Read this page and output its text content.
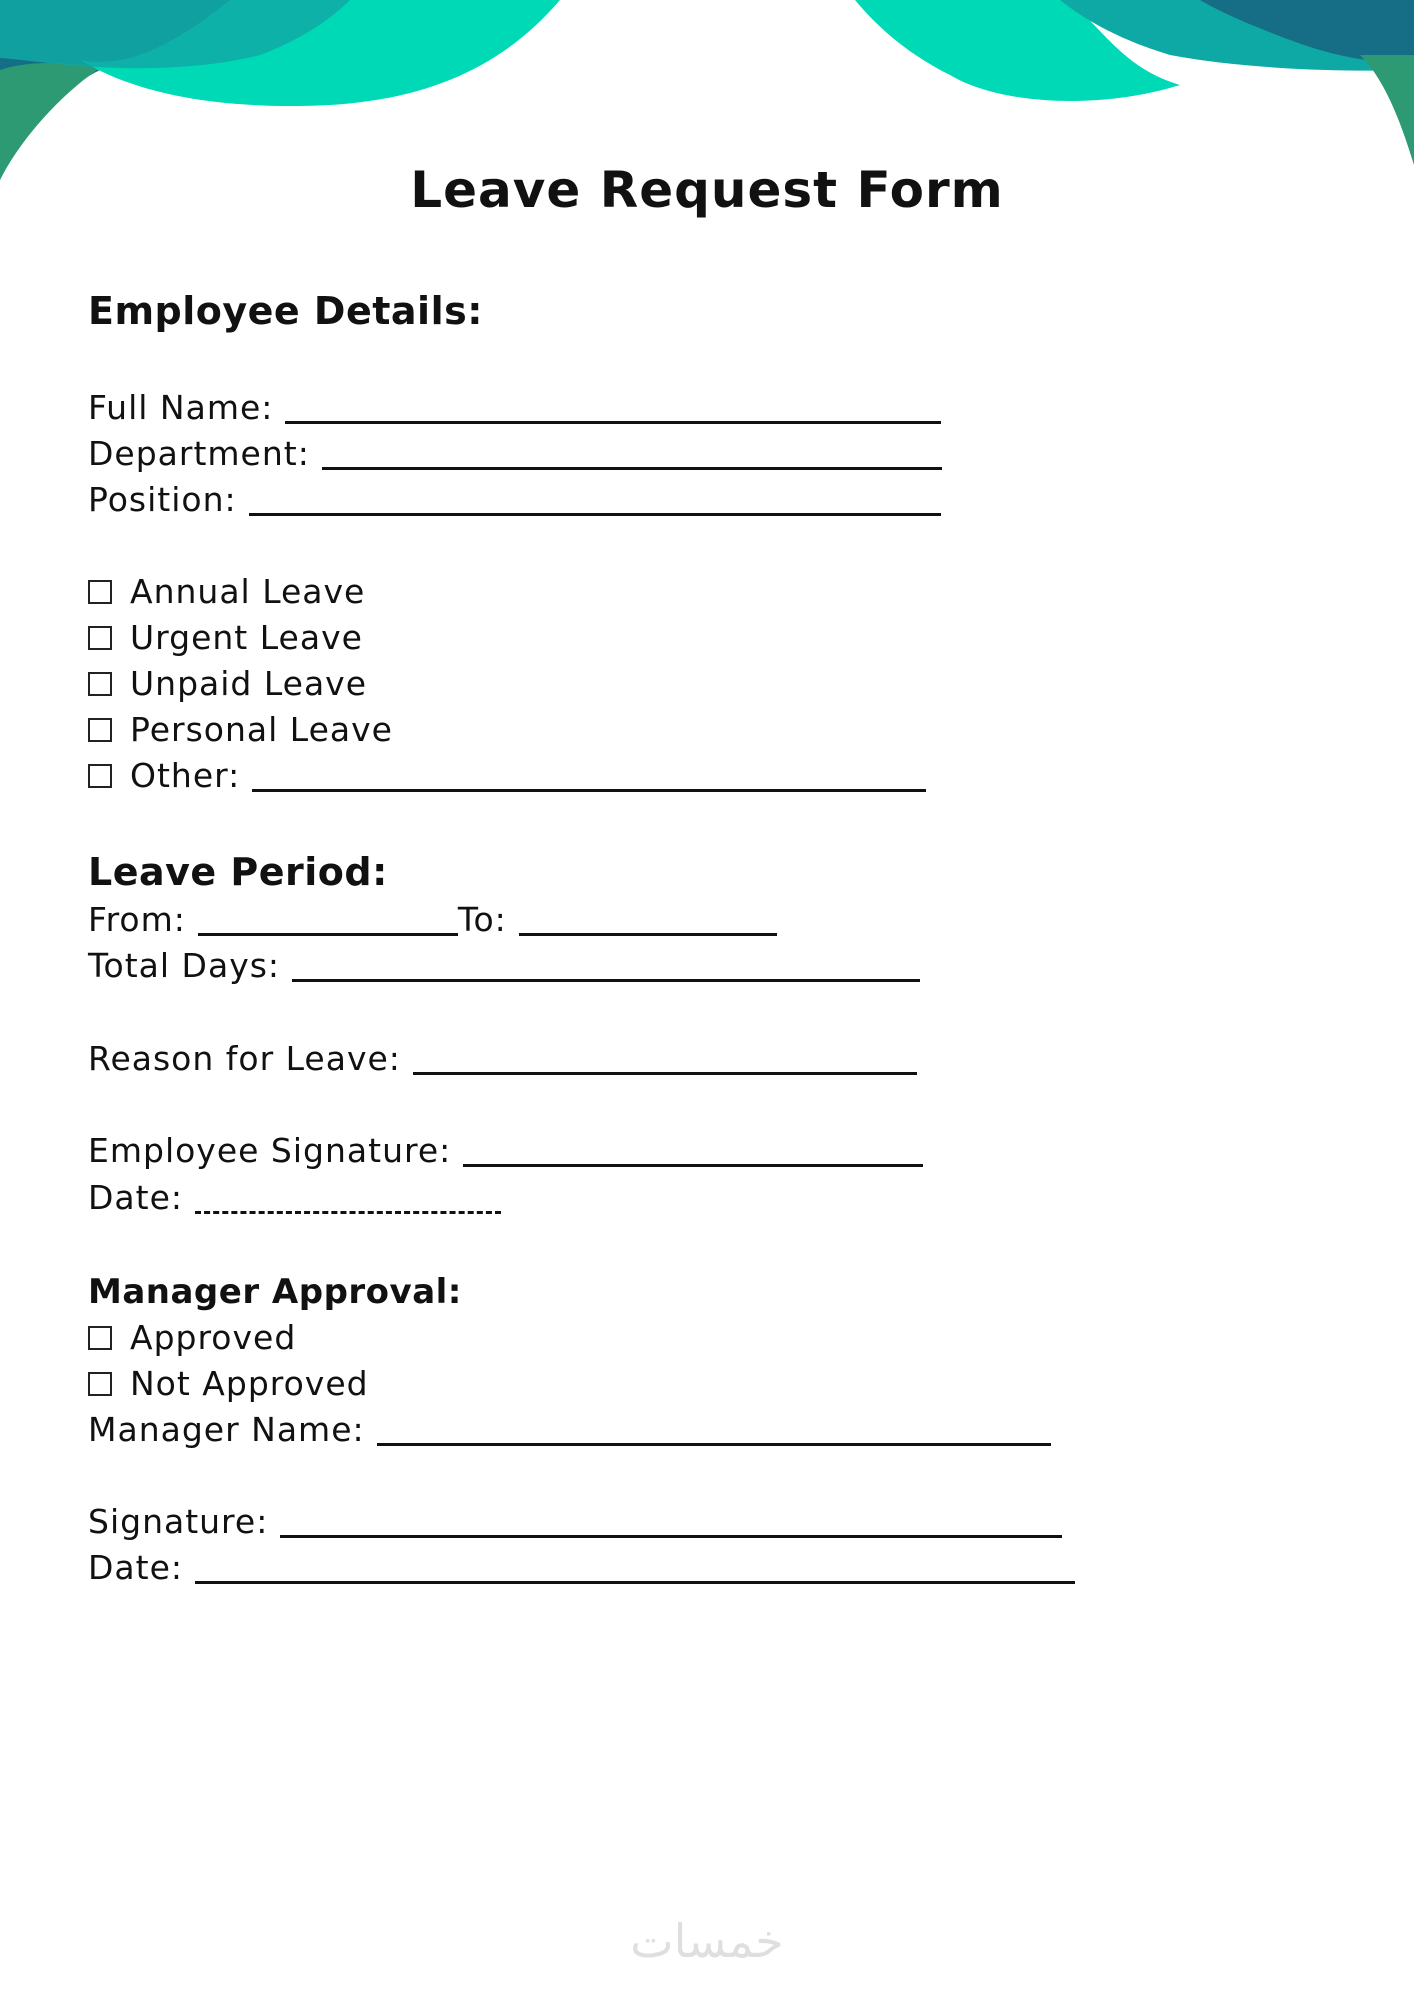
Leave Request Form
Employee Details:
Full Name:
Department:
Position:
Annual Leave
Urgent Leave
Unpaid Leave
Personal Leave
Other:
Leave Period:
From:	To:
Total Days:
Reason for Leave:
Employee Signature:
Date:
Manager Approval:
Approved
Not Approved
Manager Name:
Signature:
Date:
خمسات
